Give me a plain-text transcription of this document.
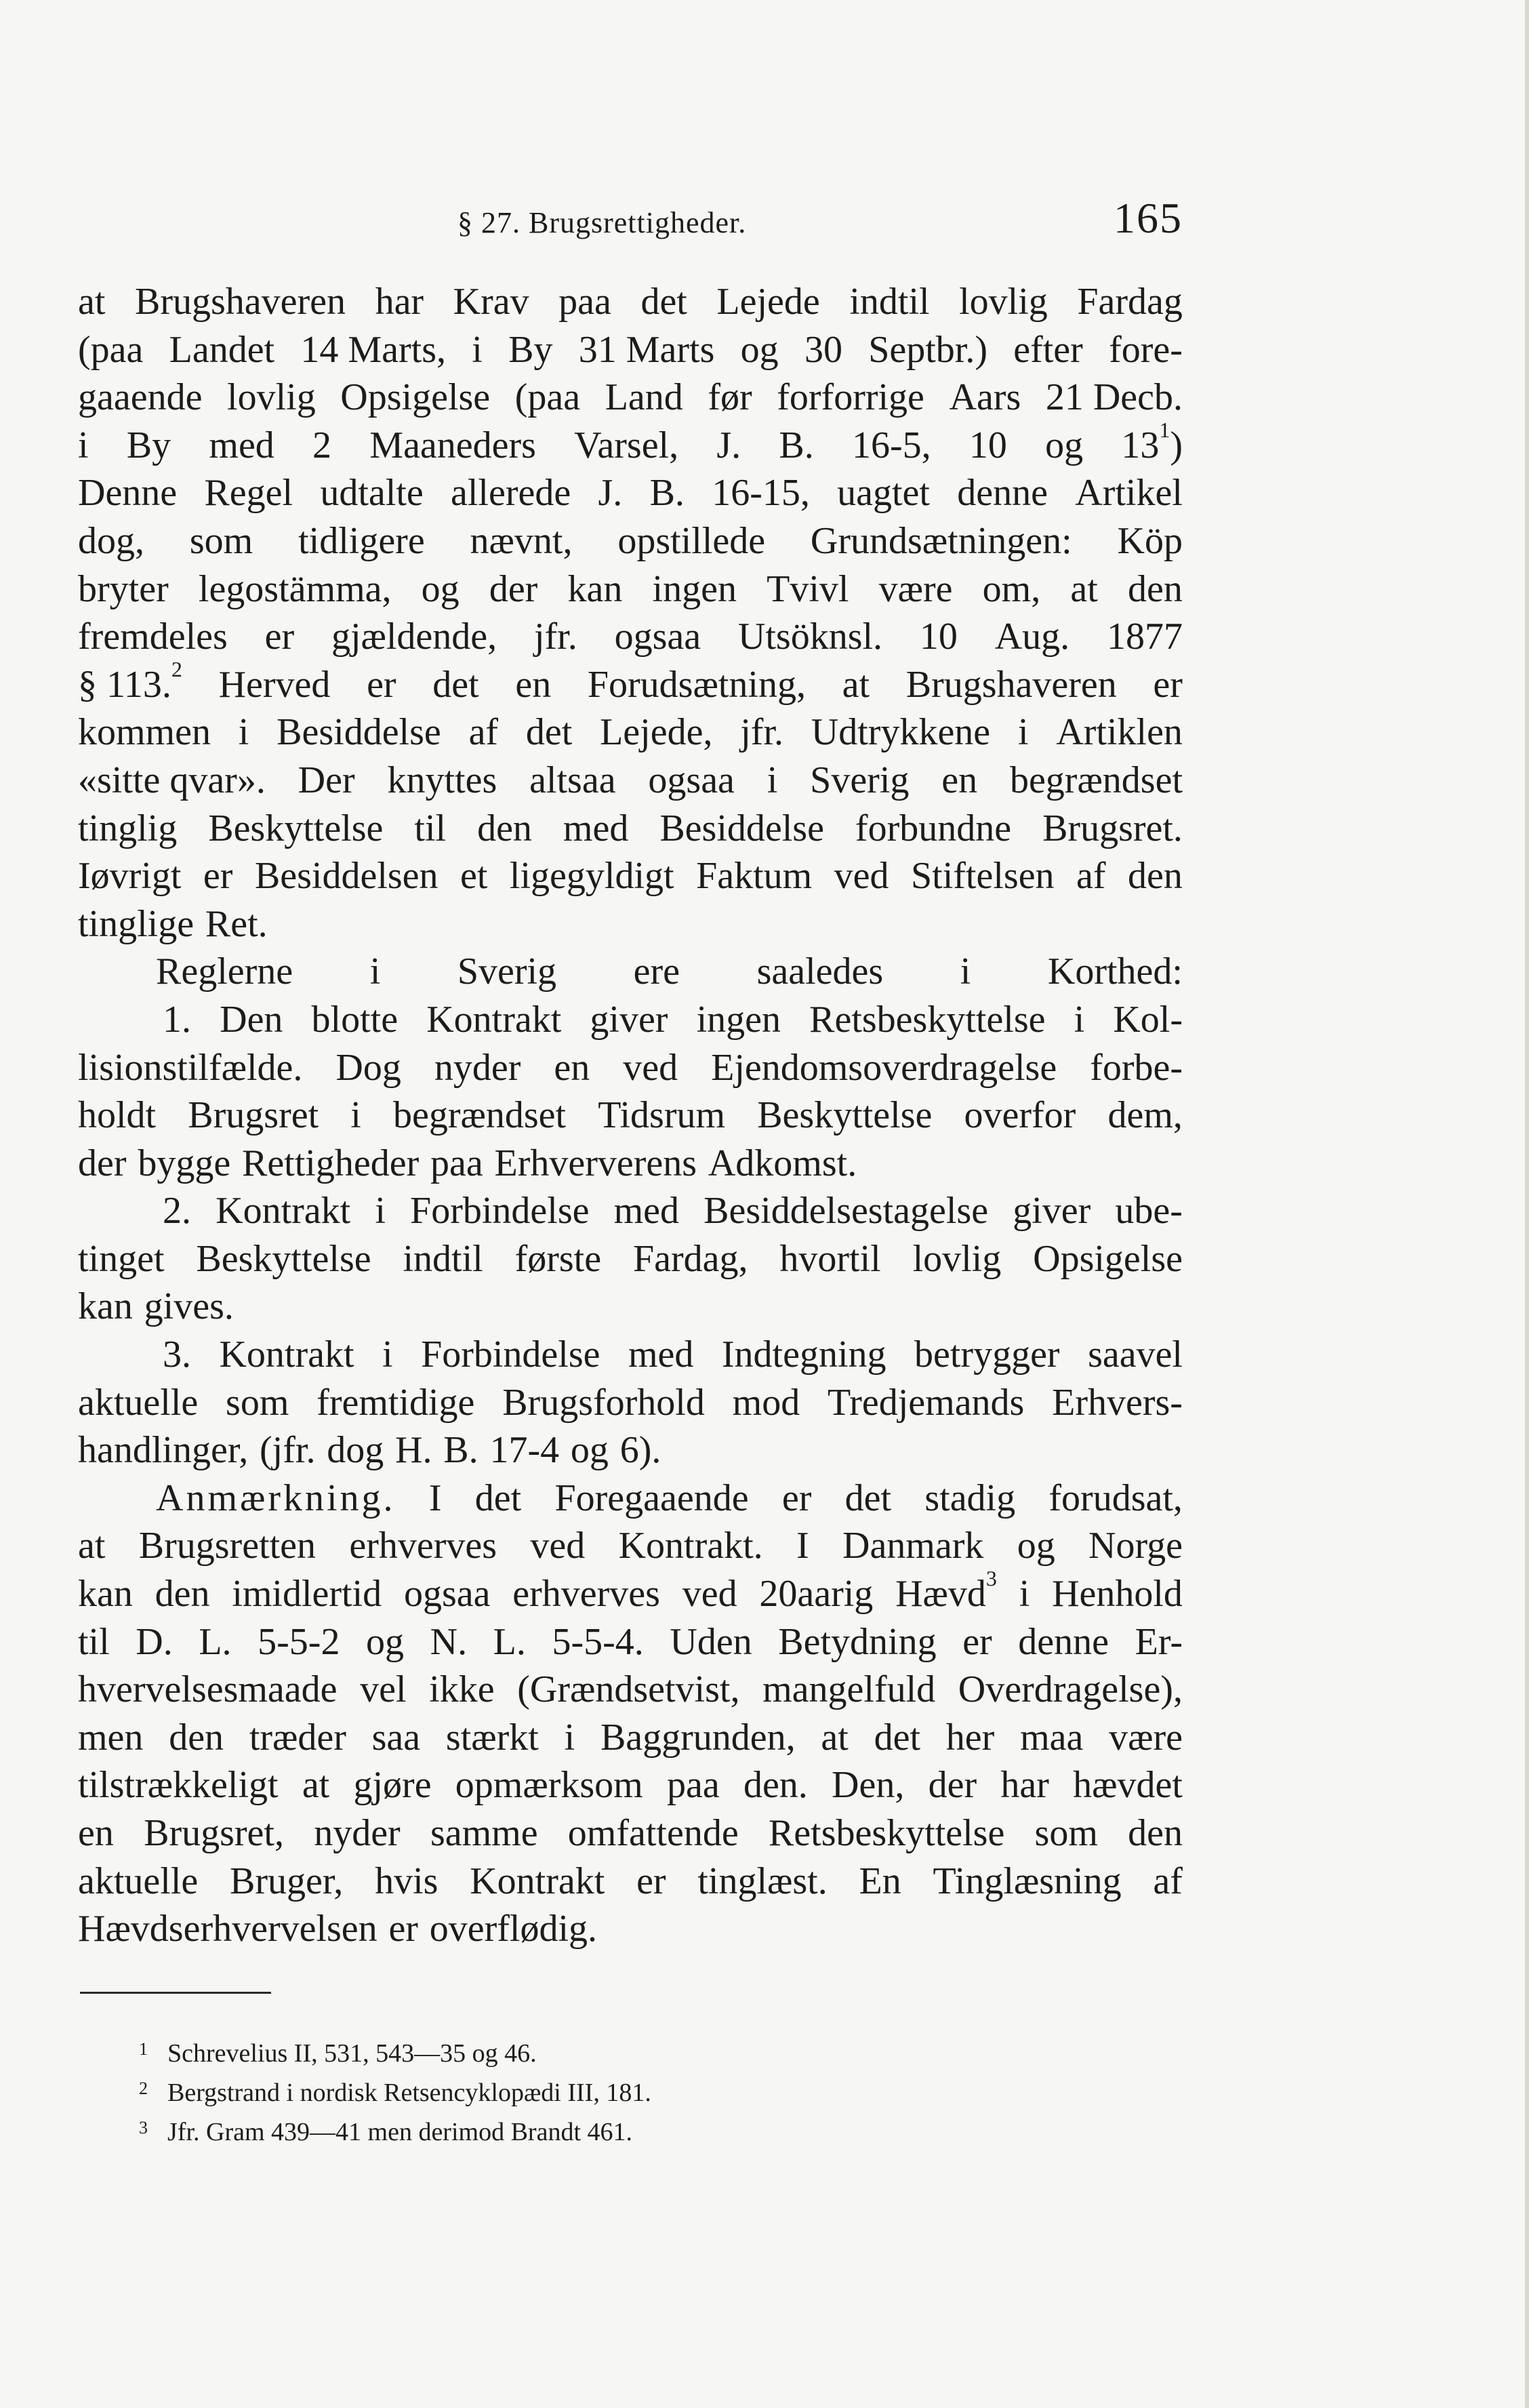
§ 27. Brugsrettigheder.	165
at Brugshaveren har Krav paa det Lejede indtil lovlig Fardag
(paa Landet 14 Marts, i By 31 Marts og 30 Septbr.) efter fore-
gaaende lovlig Opsigelse (paa Land før forforrige Aars 21 Decb.
i By med 2 Maaneders Varsel, J. B. 16-5, 10 og $13^1$)
Denne Regel udtalte allerede J. B. 16-15, uagtet denne Artikel
dog, som tidligere nævnt, opstillede Grundsætningen: Köp
bryter legostämma, og der kan ingen Tvivl være om, at den
fremdeles er gjældende, jfr. ogsaa Utsöknsl. 10 Aug. 1877
§ 113.$^2$ Herved er det en Forudsætning, at Brugshaveren er
kommen i Besiddelse af det Lejede, jfr. Udtrykkene i Artiklen
«sitte qvar». Der knyttes altsaa ogsaa i Sverig en begrændset
tinglig Beskyttelse til den med Besiddelse forbundne Brugsret.
Iøvrigt er Besiddelsen et ligegyldigt Faktum ved Stiftelsen af den
tinglige Ret.
Reglerne i Sverig ere saaledes i Korthed:
1. Den blotte Kontrakt giver ingen Retsbeskyttelse i Kol-
lisionstilfælde. Dog nyder en ved Ejendomsoverdragelse forbe-
holdt Brugsret i begrændset Tidsrum Beskyttelse overfor dem,
der bygge Rettigheder paa Erhververens Adkomst.
2. Kontrakt i Forbindelse med Besiddelsestagelse giver ube-
tinget Beskyttelse indtil første Fardag, hvortil lovlig Opsigelse
kan gives.
3. Kontrakt i Forbindelse med Indtegning betrygger saavel
aktuelle som fremtidige Brugsforhold mod Tredjemands Erhvers-
handlinger, (jfr. dog H. B. 17-4 og 6).
Anmærkning. I det Foregaaende er det stadig forudsat,
at Brugsretten erhverves ved Kontrakt. I Danmark og Norge
kan den imidlertid ogsaa erhverves ved 20aarig Hævd$^3$ i Henhold
til D. L. 5-5-2 og N. L. 5-5-4. Uden Betydning er denne Er-
hvervelsesmaade vel ikke (Grændsetvist, mangelfuld Overdragelse),
men den træder saa stærkt i Baggrunden, at det her maa være
tilstrækkeligt at gjøre opmærksom paa den. Den, der har hævdet
en Brugsret, nyder samme omfattende Retsbeskyttelse som den
aktuelle Bruger, hvis Kontrakt er tinglæst. En Tinglæsning af
Hævdserhvervelsen er overflødig.
1 Schrevelius II, 531, 543—35 og 46.
2 Bergstrand i nordisk Retsencyklopædi III, 181.
3 Jfr. Gram 439—41 men derimod Brandt 461.
